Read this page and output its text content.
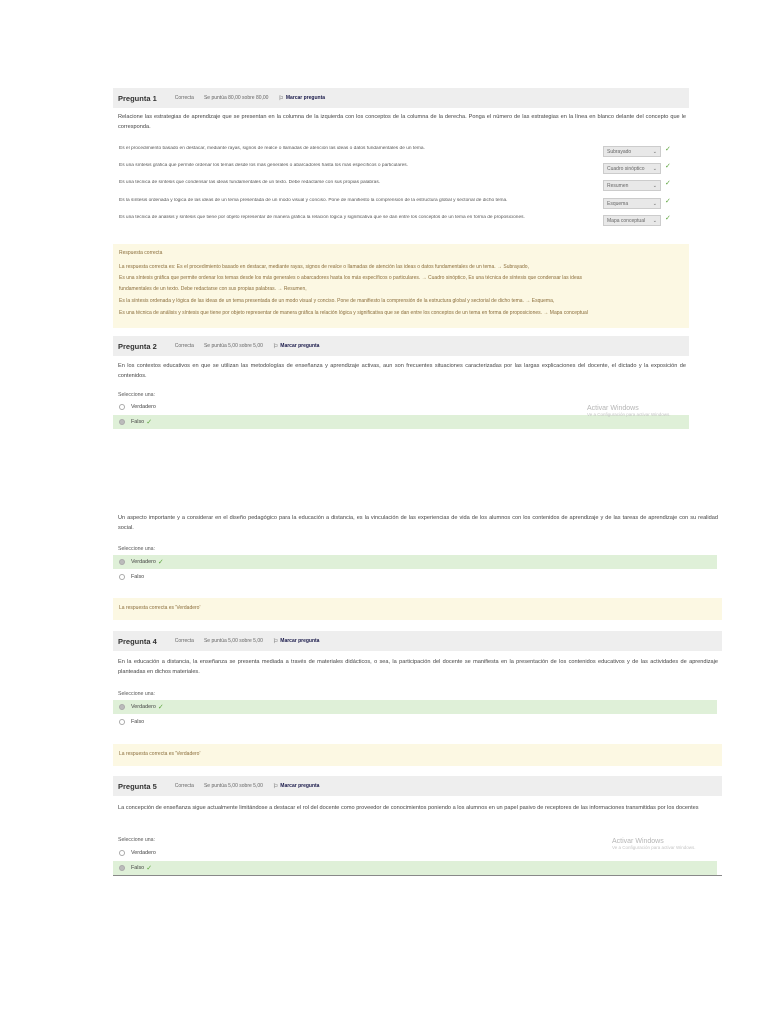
Pregunta 1	Correcta Se puntúa 80,00 sobre 80,00 ⚐ Marcar pregunta
Relacione las estrategias de aprendizaje que se presentan en la columna de la izquierda con los conceptos de la columna de la derecha. Ponga el número de las estrategias en la línea en blanco delante del concepto que le corresponda.
Es el procedimiento basado en destacar, mediante rayas, signos de realce o llamadas de atención las ideas o datos fundamentales de un tema.	Subrayado	⌄ ✓
Es una síntesis gráfica que permite ordenar los temas desde los más generales o abarcadores hasta los más específicos o particulares.	Cuadro sinóptico ⌄ ✓
Es una técnica de síntesis que condensar las ideas fundamentales de un texto. Debe redactarse con sus propias palabras.	Resumen	⌄ ✓
Es la síntesis ordenada y lógica de las ideas de un tema presentada de un modo visual y conciso. Pone de manifiesto la comprensión de la estructura global y sectorial de dicho tema.	Esquema	⌄ ✓
Es una técnica de análisis y síntesis que tiene por objeto representar de manera gráfica la relación lógica y significativa que se dan entre los conceptos de un tema en forma de proposiciones.	Mapa conceptual ⌄ ✓
Respuesta correcta
La respuesta correcta es: Es el procedimiento basado en destacar, mediante rayas, signos de realce o llamadas de atención las ideas o datos fundamentales de un tema. → Subrayado,
Es una síntesis gráfica que permite ordenar los temas desde los más generales o abarcadores hasta los más específicos o particulares. → Cuadro sinóptico, Es una técnica de síntesis que condensar las ideas
fundamentales de un texto. Debe redactarse con sus propias palabras. → Resumen,
Es la síntesis ordenada y lógica de las ideas de un tema presentada de un modo visual y conciso. Pone de manifiesto la comprensión de la estructura global y sectorial de dicho tema. → Esquema,
Es una técnica de análisis y síntesis que tiene por objeto representar de manera gráfica la relación lógica y significativa que se dan entre los conceptos de un tema en forma de proposiciones. → Mapa conceptual
Pregunta 2	Correcta Se puntúa 5,00 sobre 5,00 ⚐ Marcar pregunta
En los contextos educativos en que se utilizan las metodologías de enseñanza y aprendizaje activas, aun son frecuentes situaciones caracterizadas por las largas explicaciones del docente, el dictado y la exposición de contenidos.
Seleccione una:
Verdadero
Falso ✓
Activar Windows
Ve a Configuración para activar Windows.
Un aspecto importante y a considerar en el diseño pedagógico para la educación a distancia, es la vinculación de las experiencias de vida de los alumnos con los contenidos de aprendizaje y de las tareas de aprendizaje con su realidad social.
Seleccione una:
Verdadero ✓
Falso
La respuesta correcta es 'Verdadero'
Pregunta 4	Correcta Se puntúa 5,00 sobre 5,00 ⚐ Marcar pregunta
En la educación a distancia, la enseñanza se presenta mediada a través de materiales didácticos, o sea, la participación del docente se manifiesta en la presentación de los contenidos educativos y de las actividades de aprendizaje planteadas en dichos materiales.
Seleccione una:
Verdadero ✓
Falso
La respuesta correcta es 'Verdadero'
Pregunta 5	Correcta Se puntúa 5,00 sobre 5,00 ⚐ Marcar pregunta
La concepción de enseñanza sigue actualmente limitándose a destacar el rol del docente como proveedor de conocimientos poniendo a los alumnos en un papel pasivo de receptores de las informaciones transmitidas por los docentes
Seleccione una:
Verdadero
Falso ✓
Activar Windows
Ve a Configuración para activar Windows.
